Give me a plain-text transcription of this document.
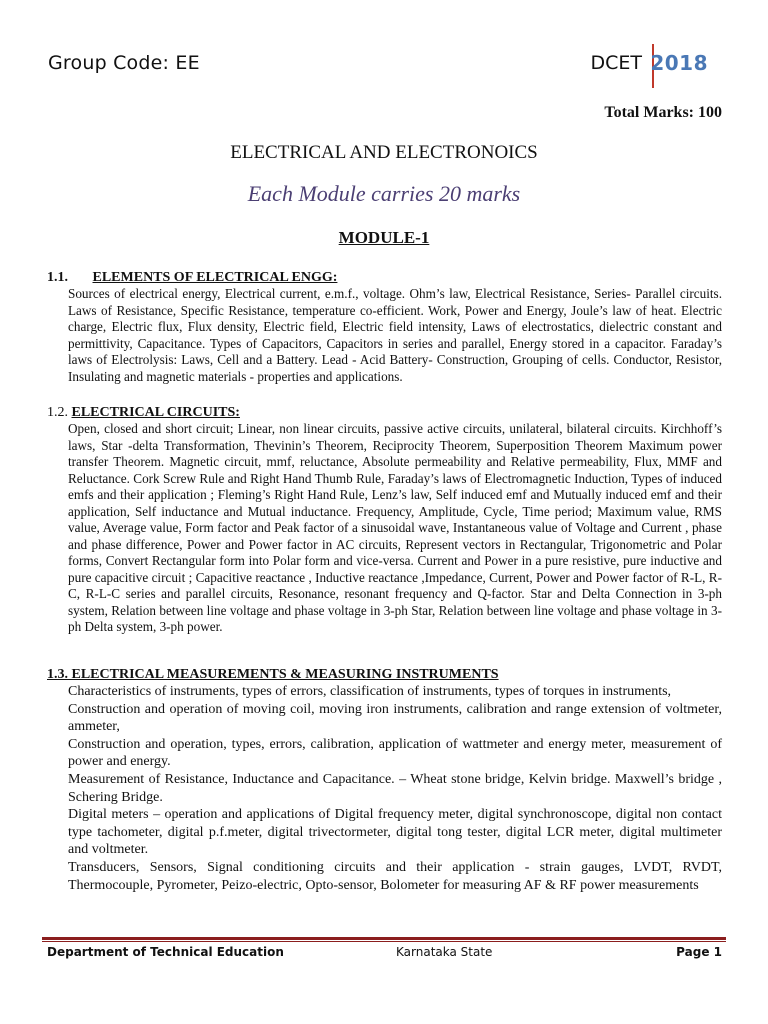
Group Code: EE	DCET 2018
Total Marks: 100
ELECTRICAL AND ELECTRONOICS
Each Module carries 20 marks
MODULE-1
1.1. ELEMENTS OF ELECTRICAL ENGG:

Sources of electrical energy, Electrical current, e.m.f., voltage. Ohm’s law, Electrical Resistance, Series- Parallel circuits. Laws of Resistance, Specific Resistance, temperature co-efficient. Work, Power and Energy, Joule’s law of heat. Electric charge, Electric flux, Flux density, Electric field, Electric field intensity, Laws of electrostatics, dielectric constant and permittivity, Capacitance. Types of Capacitors, Capacitors in series and parallel, Energy stored in a capacitor. Faraday’s laws of Electrolysis: Laws, Cell and a Battery. Lead - Acid Battery- Construction, Grouping of cells. Conductor, Resistor, Insulating and magnetic materials - properties and applications.

1.2. ELECTRICAL CIRCUITS:

Open, closed and short circuit; Linear, non linear circuits, passive active circuits, unilateral, bilateral circuits. Kirchhoff’s laws, Star -delta Transformation, Thevinin’s Theorem, Reciprocity Theorem, Superposition Theorem Maximum power transfer Theorem. Magnetic circuit, mmf, reluctance, Absolute permeability and Relative permeability, Flux, MMF and Reluctance. Cork Screw Rule and Right Hand Thumb Rule, Faraday’s laws of Electromagnetic Induction, Types of induced emfs and their application ; Fleming’s Right Hand Rule, Lenz’s law, Self induced emf and Mutually induced emf and their application, Self inductance and Mutual inductance. Frequency, Amplitude, Cycle, Time period; Maximum value, RMS value, Average value, Form factor and Peak factor of a sinusoidal wave, Instantaneous value of Voltage and Current , phase and phase difference, Power and Power factor in AC circuits, Represent vectors in Rectangular, Trigonometric and Polar forms, Convert Rectangular form into Polar form and vice-versa. Current and Power in a pure resistive, pure inductive and pure capacitive circuit ; Capacitive reactance , Inductive reactance ,Impedance, Current, Power and Power factor of R-L, R-C, R-L-C series and parallel circuits, Resonance, resonant frequency and Q-factor. Star and Delta Connection in 3-ph system, Relation between line voltage and phase voltage in 3-ph Star, Relation between line voltage and phase voltage in 3-ph Delta system, 3-ph power.

1.3. ELECTRICAL MEASUREMENTS & MEASURING INSTRUMENTS

Characteristics of instruments, types of errors, classification of instruments, types of torques in instruments,

Construction and operation of moving coil, moving iron instruments, calibration and range extension of voltmeter, ammeter,

Construction and operation, types, errors, calibration, application of wattmeter and energy meter, measurement of power and energy.

Measurement of Resistance, Inductance and Capacitance. – Wheat stone bridge, Kelvin bridge. Maxwell’s bridge , Schering Bridge.

Digital meters – operation and applications of Digital frequency meter, digital synchronoscope, digital non contact type tachometer, digital p.f.meter, digital trivectormeter, digital tong tester, digital LCR meter, digital multimeter and voltmeter.

Transducers, Sensors, Signal conditioning circuits and their application - strain gauges, LVDT, RVDT, Thermocouple, Pyrometer, Peizo-electric, Opto-sensor, Bolometer for measuring AF & RF power measurements

Department of Technical Education	Karnataka State	Page 1
